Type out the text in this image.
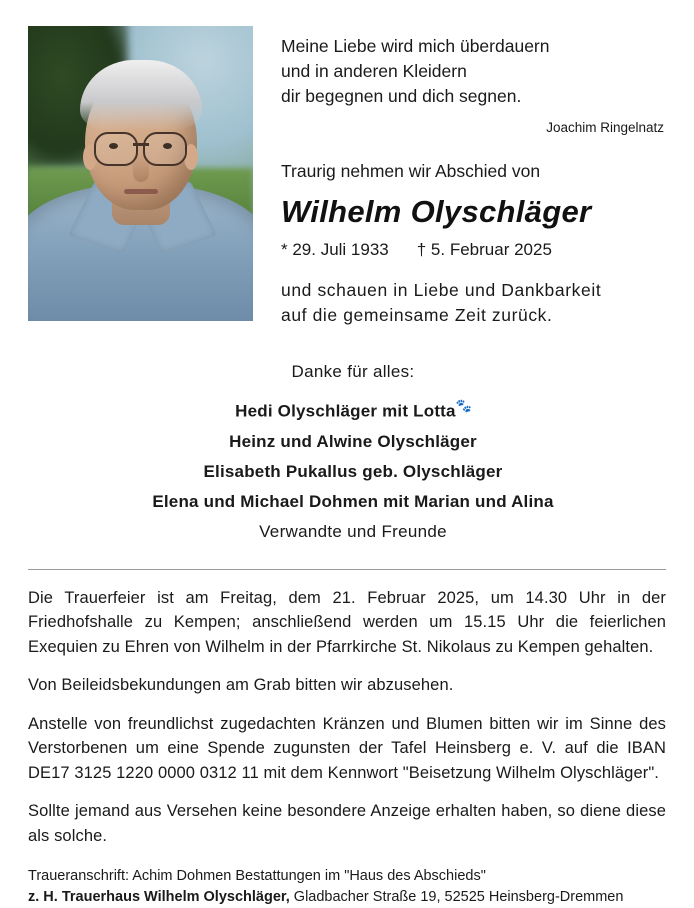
Meine Liebe wird mich überdauern
und in anderen Kleidern
dir begegnen und dich segnen.
Joachim Ringelnatz
Traurig nehmen wir Abschied von
Wilhelm Olyschläger
* 29. Juli 1933 † 5. Februar 2025
und schauen in Liebe und Dankbarkeit
auf die gemeinsame Zeit zurück.
Danke für alles:
Hedi Olyschläger mit Lotta🐾
Heinz und Alwine Olyschläger
Elisabeth Pukallus geb. Olyschläger
Elena und Michael Dohmen mit Marian und Alina
Verwandte und Freunde

Die Trauerfeier ist am Freitag, dem 21. Februar 2025, um 14.30 Uhr in der Friedhofshalle zu Kempen; anschließend werden um 15.15 Uhr die feierlichen Exequien zu Ehren von Wilhelm in der Pfarrkirche St. Nikolaus zu Kempen gehalten.

Von Beileidsbekundungen am Grab bitten wir abzusehen.

Anstelle von freundlichst zugedachten Kränzen und Blumen bitten wir im Sinne des Verstorbenen um eine Spende zugunsten der Tafel Heinsberg e. V. auf die IBAN DE17 3125 1220 0000 0312 11 mit dem Kennwort "Beisetzung Wilhelm Olyschläger".

Sollte jemand aus Versehen keine besondere Anzeige erhalten haben, so diene diese als solche.

Traueranschrift: Achim Dohmen Bestattungen im "Haus des Abschieds"
z. H. Trauerhaus Wilhelm Olyschläger, Gladbacher Straße 19, 52525 Heinsberg-Dremmen
